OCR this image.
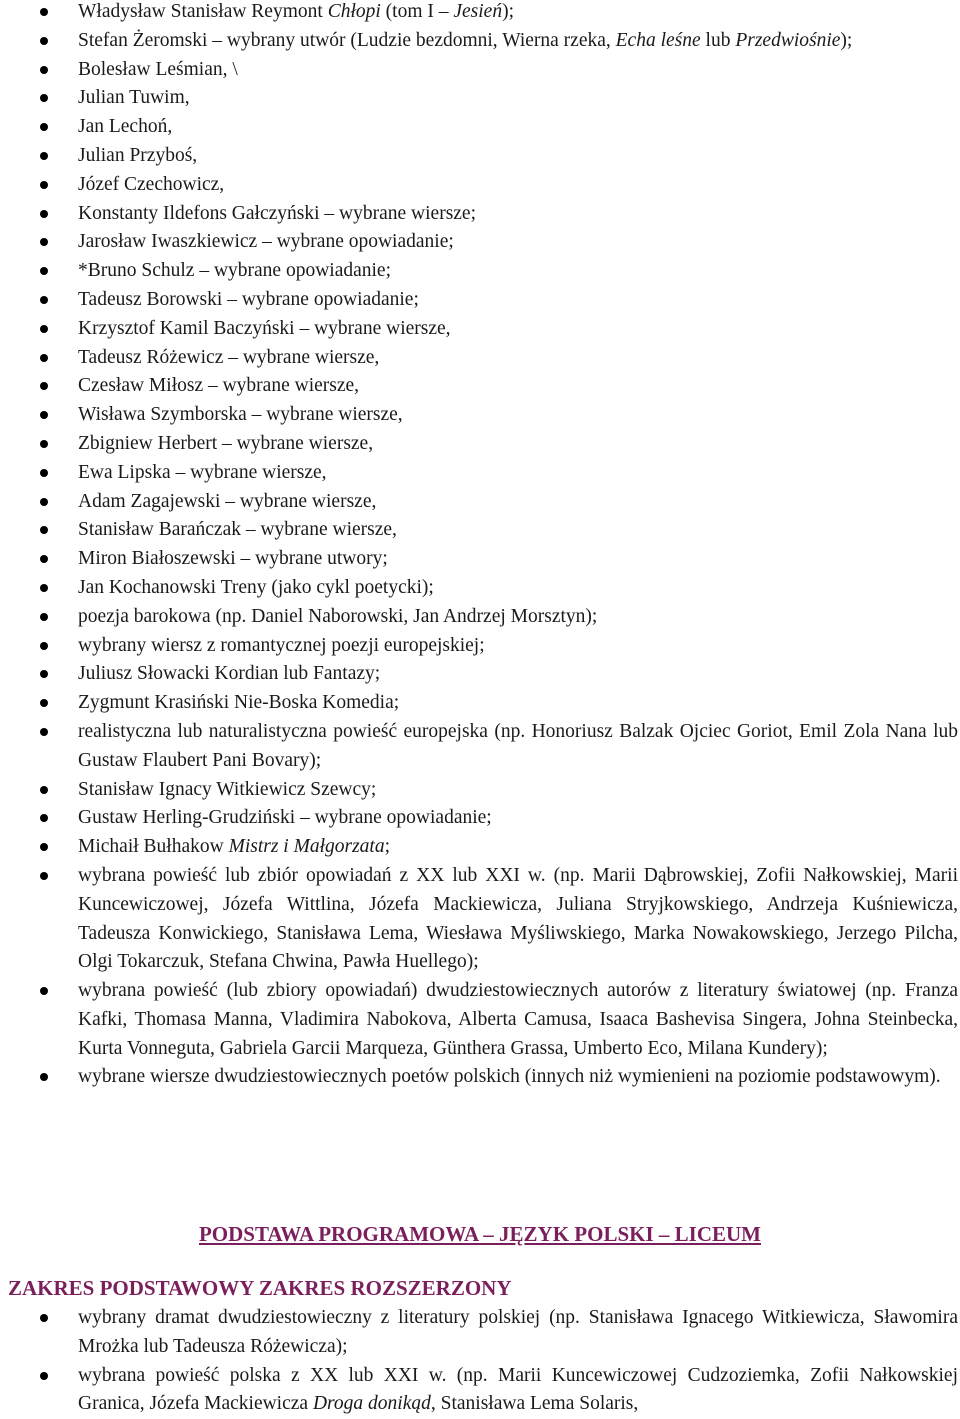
Władysław Stanisław Reymont Chłopi (tom I – Jesień);
Stefan Żeromski – wybrany utwór (Ludzie bezdomni, Wierna rzeka, Echa leśne lub Przedwiośnie);
Bolesław Leśmian, \
Julian Tuwim,
Jan Lechoń,
Julian Przyboś,
Józef Czechowicz,
Konstanty Ildefons Gałczyński – wybrane wiersze;
Jarosław Iwaszkiewicz – wybrane opowiadanie;
*Bruno Schulz – wybrane opowiadanie;
Tadeusz Borowski – wybrane opowiadanie;
Krzysztof Kamil Baczyński – wybrane wiersze,
Tadeusz Różewicz – wybrane wiersze,
Czesław Miłosz – wybrane wiersze,
Wisława Szymborska – wybrane wiersze,
Zbigniew Herbert – wybrane wiersze,
Ewa Lipska – wybrane wiersze,
Adam Zagajewski – wybrane wiersze,
Stanisław Barańczak – wybrane wiersze,
Miron Białoszewski – wybrane utwory;
Jan Kochanowski Treny (jako cykl poetycki);
poezja barokowa (np. Daniel Naborowski, Jan Andrzej Morsztyn);
wybrany wiersz z romantycznej poezji europejskiej;
Juliusz Słowacki Kordian lub Fantazy;
Zygmunt Krasiński Nie-Boska Komedia;
realistyczna lub naturalistyczna powieść europejska (np. Honoriusz Balzak Ojciec Goriot, Emil Zola Nana lub Gustaw Flaubert Pani Bovary);
Stanisław Ignacy Witkiewicz Szewcy;
Gustaw Herling-Grudziński – wybrane opowiadanie;
Michaił Bułhakow Mistrz i Małgorzata;
wybrana powieść lub zbiór opowiadań z XX lub XXI w. (np. Marii Dąbrowskiej, Zofii Nałkowskiej, Marii Kuncewiczowej, Józefa Wittlina, Józefa Mackiewicza, Juliana Stryjkowskiego, Andrzeja Kuśniewicza, Tadeusza Konwickiego, Stanisława Lema, Wiesława Myśliwskiego, Marka Nowakowskiego, Jerzego Pilcha, Olgi Tokarczuk, Stefana Chwina, Pawła Huellego);
wybrana powieść (lub zbiory opowiadań) dwudziestowiecznych autorów z literatury światowej (np. Franza Kafki, Thomasa Manna, Vladimira Nabokova, Alberta Camusa, Isaaca Bashevisa Singera, Johna Steinbecka, Kurta Vonneguta, Gabriela Garcii Marqueza, Günthera Grassa, Umberto Eco, Milana Kundery);
wybrane wiersze dwudziestowiecznych poetów polskich (innych niż wymienieni na poziomie podstawowym).
PODSTAWA PROGRAMOWA – JĘZYK POLSKI – LICEUM
ZAKRES PODSTAWOWY ZAKRES ROZSZERZONY
wybrany dramat dwudziestowieczny z literatury polskiej (np. Stanisława Ignacego Witkiewicza, Sławomira Mrożka lub Tadeusza Różewicza);
wybrana powieść polska z XX lub XXI w. (np. Marii Kuncewiczowej Cudzoziemka, Zofii Nałkowskiej Granica, Józefa Mackiewicza Droga donikąd, Stanisława Lema Solaris,
